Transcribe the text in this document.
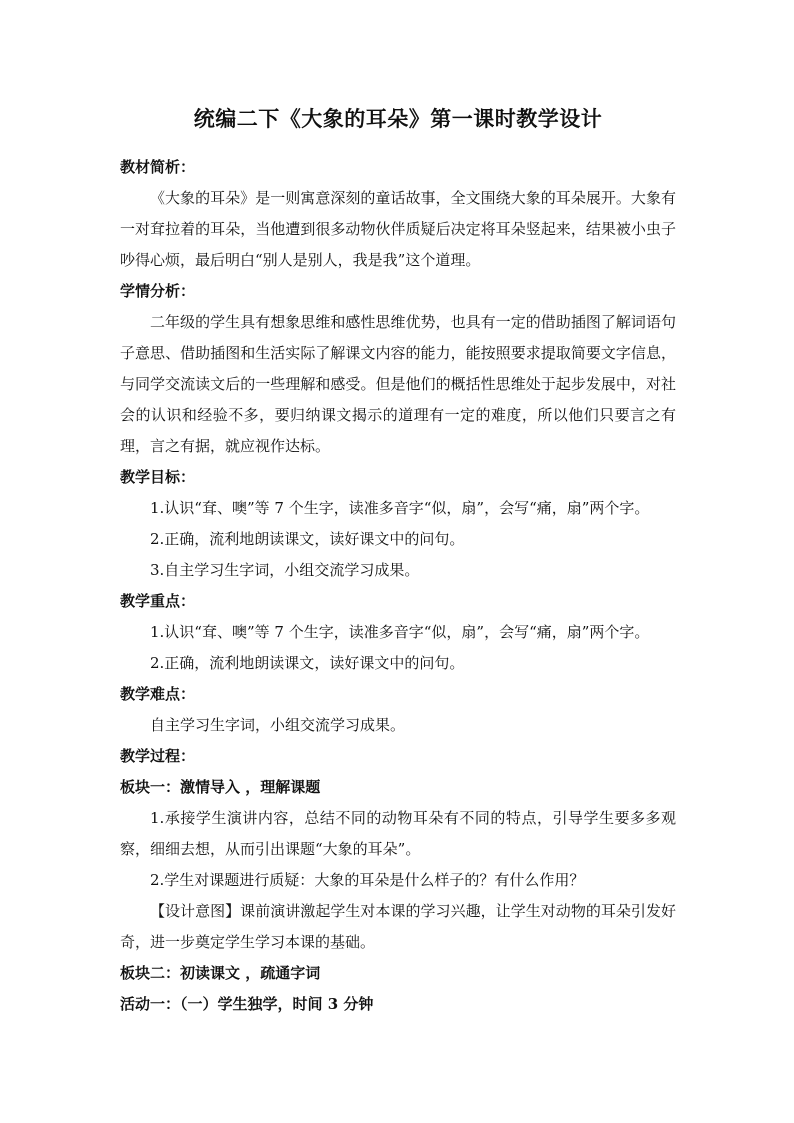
统编二下《大象的耳朵》第一课时教学设计

教材简析：

《大象的耳朵》是一则寓意深刻的童话故事，全文围绕大象的耳朵展开。大象有一对耷拉着的耳朵，当他遭到很多动物伙伴质疑后决定将耳朵竖起来，结果被小虫子吵得心烦，最后明白“别人是别人，我是我”这个道理。

学情分析：

二年级的学生具有想象思维和感性思维优势，也具有一定的借助插图了解词语句子意思、借助插图和生活实际了解课文内容的能力，能按照要求提取简要文字信息，与同学交流读文后的一些理解和感受。但是他们的概括性思维处于起步发展中，对社会的认识和经验不多，要归纳课文揭示的道理有一定的难度，所以他们只要言之有理，言之有据，就应视作达标。

教学目标：

1.认识“耷、噢”等 7 个生字，读准多音字“似，扇”，会写“痛，扇”两个字。

2.正确，流利地朗读课文，读好课文中的问句。

3.自主学习生字词，小组交流学习成果。

教学重点：

1.认识“耷、噢”等 7 个生字，读准多音字“似，扇”，会写“痛，扇”两个字。

2.正确，流利地朗读课文，读好课文中的问句。

教学难点：

自主学习生字词，小组交流学习成果。

教学过程：

板块一：激情导入 ，理解课题

1.承接学生演讲内容，总结不同的动物耳朵有不同的特点，引导学生要多多观察，细细去想，从而引出课题“大象的耳朵”。

2.学生对课题进行质疑：大象的耳朵是什么样子的？有什么作用？

【设计意图】课前演讲激起学生对本课的学习兴趣，让学生对动物的耳朵引发好奇，进一步奠定学生学习本课的基础。

板块二：初读课文 ，疏通字词

活动一：（一）学生独学，时间 3 分钟
